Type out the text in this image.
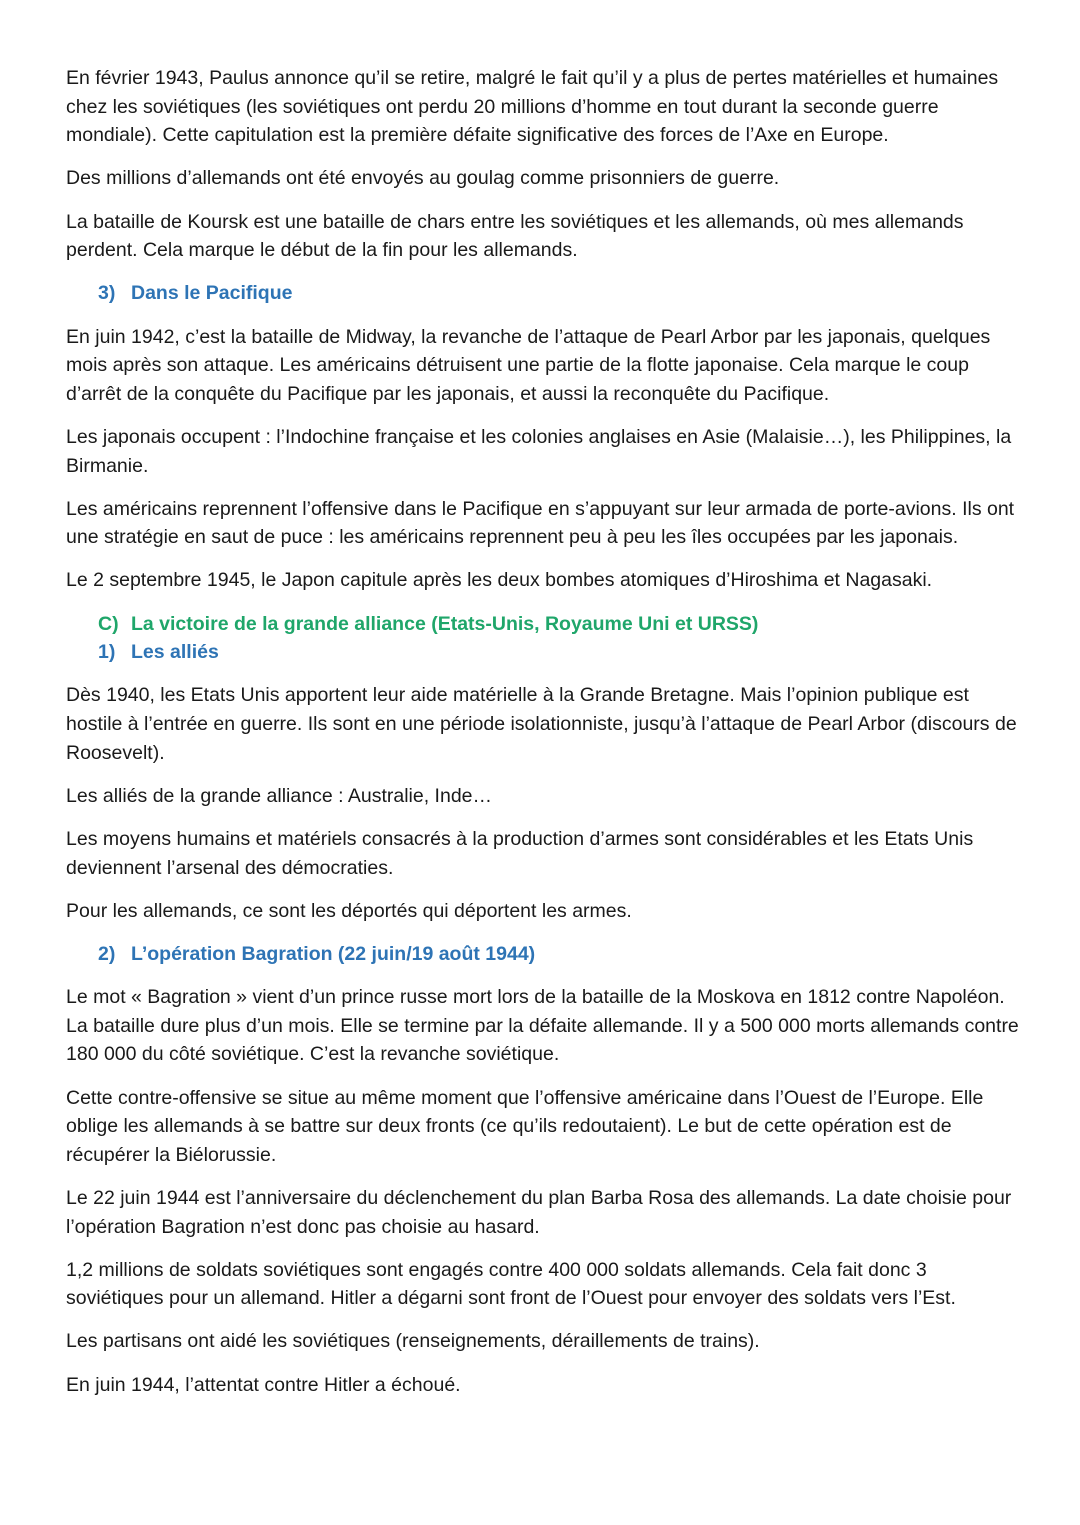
En février 1943, Paulus annonce qu’il se retire, malgré le fait qu’il y a plus de pertes matérielles et humaines chez les soviétiques (les soviétiques ont perdu 20 millions d’homme en tout durant la seconde guerre mondiale). Cette capitulation est la première défaite significative des forces de l’Axe en Europe.

Des millions d’allemands ont été envoyés au goulag comme prisonniers de guerre.

La bataille de Koursk est une bataille de chars entre les soviétiques et les allemands, où mes allemands perdent. Cela marque le début de la fin pour les allemands.

3) Dans le Pacifique

En juin 1942, c’est la bataille de Midway, la revanche de l’attaque de Pearl Arbor par les japonais, quelques mois après son attaque. Les américains détruisent une partie de la flotte japonaise. Cela marque le coup d’arrêt de la conquête du Pacifique par les japonais, et aussi la reconquête du Pacifique.

Les japonais occupent : l’Indochine française et les colonies anglaises en Asie (Malaisie…), les Philippines, la Birmanie.

Les américains reprennent l’offensive dans le Pacifique en s’appuyant sur leur armada de porte-avions. Ils ont une stratégie en saut de puce : les américains reprennent peu à peu les îles occupées par les japonais.

Le 2 septembre 1945, le Japon capitule après les deux bombes atomiques d’Hiroshima et Nagasaki.

C) La victoire de la grande alliance (Etats-Unis, Royaume Uni et URSS)
1) Les alliés

Dès 1940, les Etats Unis apportent leur aide matérielle à la Grande Bretagne. Mais l’opinion publique est hostile à l’entrée en guerre. Ils sont en une période isolationniste, jusqu’à l’attaque de Pearl Arbor (discours de Roosevelt).

Les alliés de la grande alliance : Australie, Inde…

Les moyens humains et matériels consacrés à la production d’armes sont considérables et les Etats Unis deviennent l’arsenal des démocraties.

Pour les allemands, ce sont les déportés qui déportent les armes.

2) L’opération Bagration (22 juin/19 août 1944)

Le mot « Bagration » vient d’un prince russe mort lors de la bataille de la Moskova en 1812 contre Napoléon. La bataille dure plus d’un mois. Elle se termine par la défaite allemande. Il y a 500 000 morts allemands contre 180 000 du côté soviétique. C’est la revanche soviétique.

Cette contre-offensive se situe au même moment que l’offensive américaine dans l’Ouest de l’Europe. Elle oblige les allemands à se battre sur deux fronts (ce qu’ils redoutaient). Le but de cette opération est de récupérer la Biélorussie.

Le 22 juin 1944 est l’anniversaire du déclenchement du plan Barba Rosa des allemands. La date choisie pour l’opération Bagration n’est donc pas choisie au hasard.

1,2 millions de soldats soviétiques sont engagés contre 400 000 soldats allemands. Cela fait donc 3 soviétiques pour un allemand. Hitler a dégarni sont front de l’Ouest pour envoyer des soldats vers l’Est.

Les partisans ont aidé les soviétiques (renseignements, déraillements de trains).

En juin 1944, l’attentat contre Hitler a échoué.
